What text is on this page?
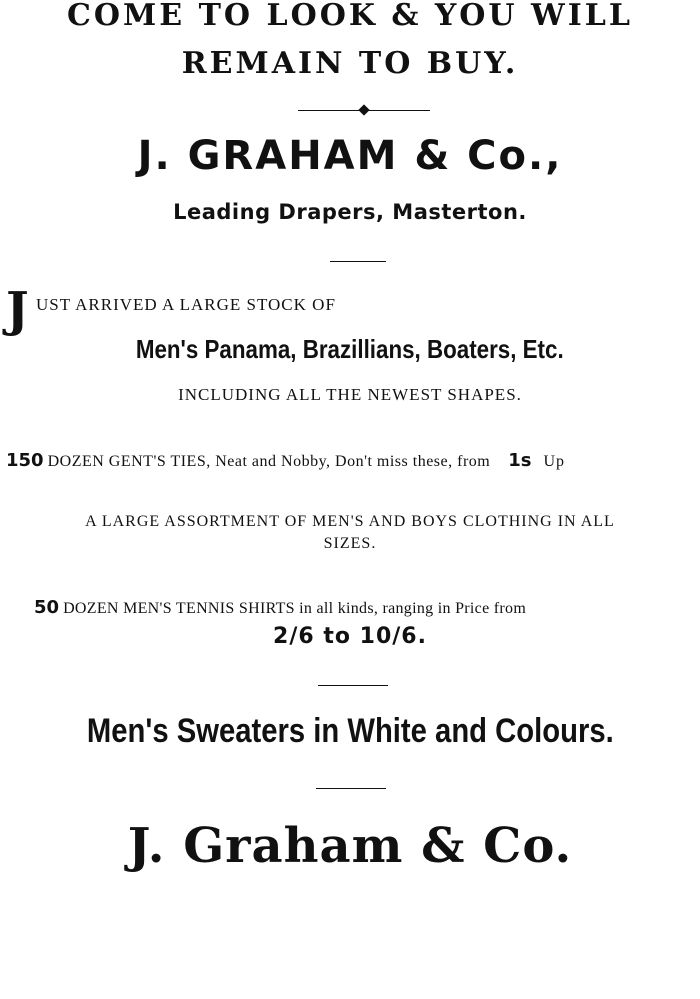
COME TO LOOK & YOU WILL
REMAIN TO BUY.
J. GRAHAM & Co.,
Leading Drapers, Masterton.
J UST ARRIVED A LARGE STOCK OF
Men's Panama, Brazillians, Boaters, Etc.
INCLUDING ALL THE NEWEST SHAPES.
150 DOZEN GENT'S TIES, Neat and Nobby, Don't miss these, from 1s Up
A LARGE ASSORTMENT OF MEN'S AND BOYS CLOTHING IN ALL
SIZES.
50 DOZEN MEN'S TENNIS SHIRTS in all kinds, ranging in Price from
2/6 to 10/6.
Men's Sweaters in White and Colours.
J. Graham & Co.
